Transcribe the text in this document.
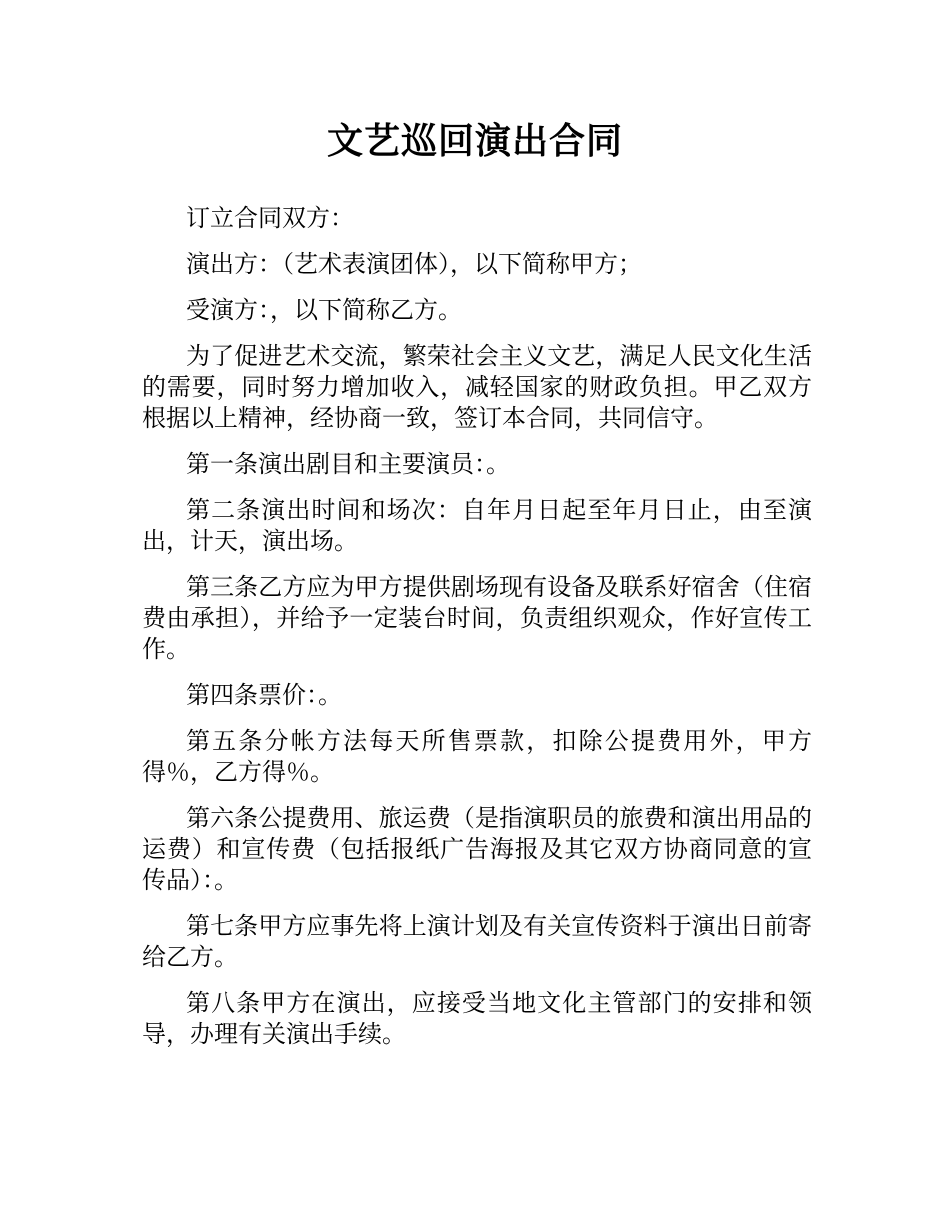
文艺巡回演出合同

订立合同双方：

演出方：（艺术表演团体），以下简称甲方；

受演方：，以下简称乙方。

为了促进艺术交流，繁荣社会主义文艺，满足人民文化生活的需要，同时努力增加收入，减轻国家的财政负担。甲乙双方根据以上精神，经协商一致，签订本合同，共同信守。

第一条演出剧目和主要演员：。

第二条演出时间和场次：自年月日起至年月日止，由至演出，计天，演出场。

第三条乙方应为甲方提供剧场现有设备及联系好宿舍（住宿费由承担），并给予一定装台时间，负责组织观众，作好宣传工作。

第四条票价：。

第五条分帐方法每天所售票款，扣除公提费用外，甲方得％，乙方得％。

第六条公提费用、旅运费（是指演职员的旅费和演出用品的运费）和宣传费（包括报纸广告海报及其它双方协商同意的宣传品）：。

第七条甲方应事先将上演计划及有关宣传资料于演出日前寄给乙方。

第八条甲方在演出，应接受当地文化主管部门的安排和领导，办理有关演出手续。
